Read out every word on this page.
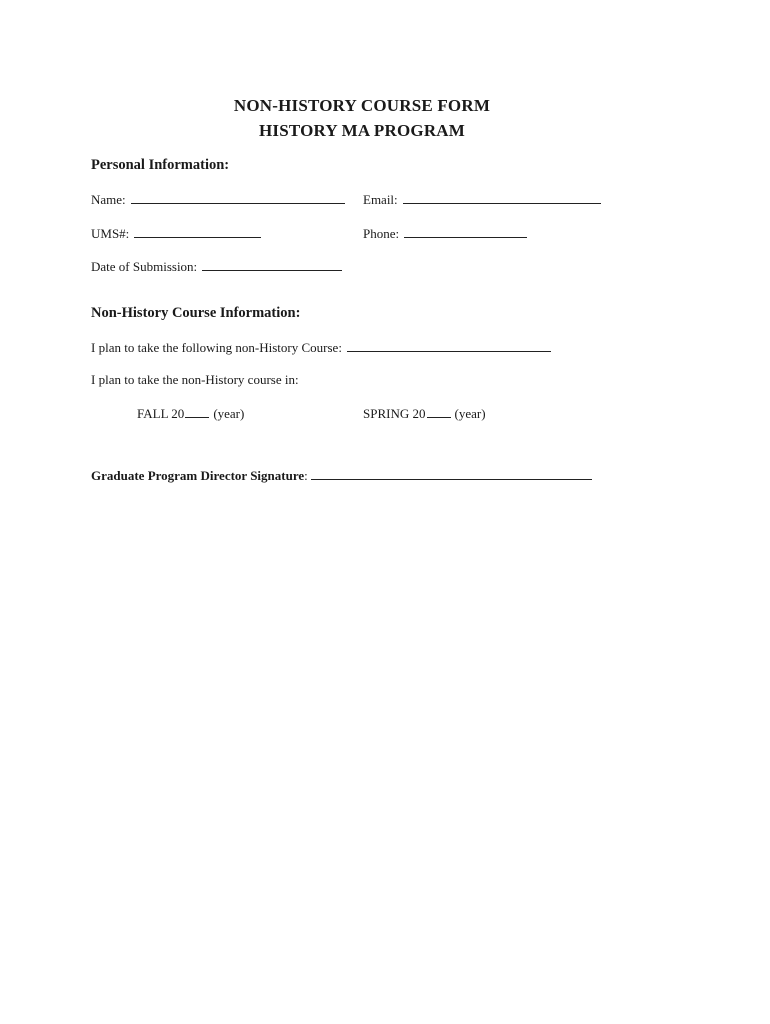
NON-HISTORY COURSE FORM
HISTORY MA PROGRAM
Personal Information:
Name:	Email:
UMS#:	Phone:
Date of Submission:
Non-History Course Information:
I plan to take the following non-History Course:
I plan to take the non-History course in:
FALL 20 (year)	SPRING 20 (year)
Graduate Program Director Signature :
